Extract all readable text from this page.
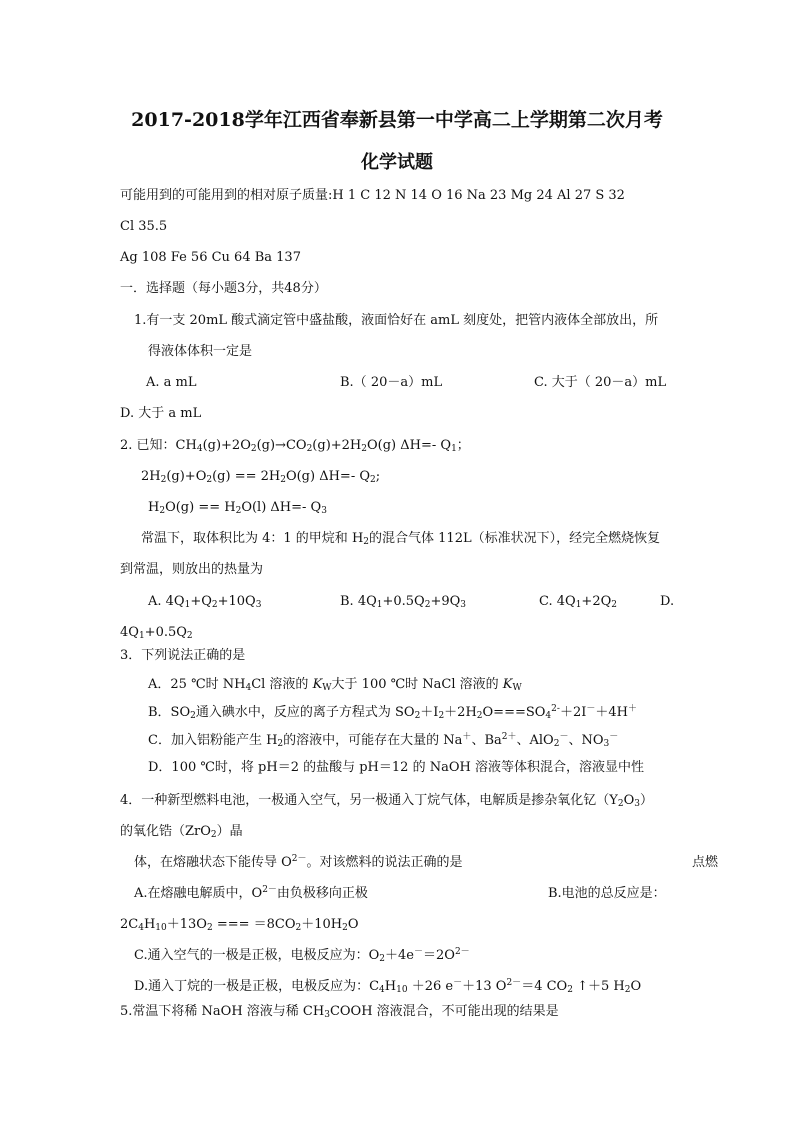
2017-2018学年江西省奉新县第一中学高二上学期第二次月考
化学试题
可能用到的可能用到的相对原子质量:H 1 C 12 N 14 O 16 Na 23 Mg 24 Al 27 S 32
Cl 35.5
Ag 108 Fe 56 Cu 64 Ba 137
一．选择题（每小题3分，共48分）
1.有一支 20mL 酸式滴定管中盛盐酸，液面恰好在 amL 刻度处，把管内液体全部放出，所
得液体体积一定是
A. a mL	B.（ 20－a）mL	C. 大于（ 20－a）mL
D. 大于 a mL
2. 已知：$CH_4(g)+2O_2(g)\to CO_2(g)+2H_2O(g)$ ΔH=- $Q_1$；
$2H_2(g)+O_2(g) == 2H_2O(g)$ ΔH=- $Q_2$;
$H_2O(g) == H_2O(l)$ ΔH=- $Q_3$
常温下，取体积比为 4：1 的甲烷和 $H_2$的混合气体 112L（标准状况下），经完全燃烧恢复
到常温，则放出的热量为
A. $4Q_1+Q_2+10Q_3$	B. $4Q_1+0.5Q_2+9Q_3$	C. $4Q_1+2Q_2$	D.
$4Q_1+0.5Q_2$
3．下列说法正确的是
A．25 ℃时 $NH_4Cl$ 溶液的 $K_W$大于 100 ℃时 NaCl 溶液的 $K_W$
B．$SO_2$通入碘水中，反应的离子方程式为 $SO_2+I_2+2H_2O===SO_4^{2-}+2I^-+4H^+$
C．加入铝粉能产生 $H_2$的溶液中，可能存在大量的 Na＋、$Ba^{2+}$、AlO$_2$－、$NO_3^-$
D．100 ℃时，将 pH＝2 的盐酸与 pH＝12 的 NaOH 溶液等体积混合，溶液显中性
4．一种新型燃料电池，一极通入空气，另一极通入丁烷气体，电解质是掺杂氧化钇$(Y_2O_3)$
的氧化锆（ZrO$_2$）晶
体，在熔融状态下能传导 $O^{2-}$。对该燃料的说法正确的是	点燃
A.在熔融电解质中，$O^{2-}$由负极移向正极	B.电池的总反应是：
$2C_4H_{10}+13O_2$ === $=8CO_2+10H_2O$
C.通入空气的一极是正极，电极反应为：$O_2+4e^-=2O^{2-}$
D.通入丁烷的一极是正极，电极反应为：$C_4H_{10} +26$ e－＋13 $O^{2-}=4$ $CO_2$ ↑＋5 $H_2O$
5.常温下将稀 NaOH 溶液与稀 $CH_3COOH$ 溶液混合，不可能出现的结果是
